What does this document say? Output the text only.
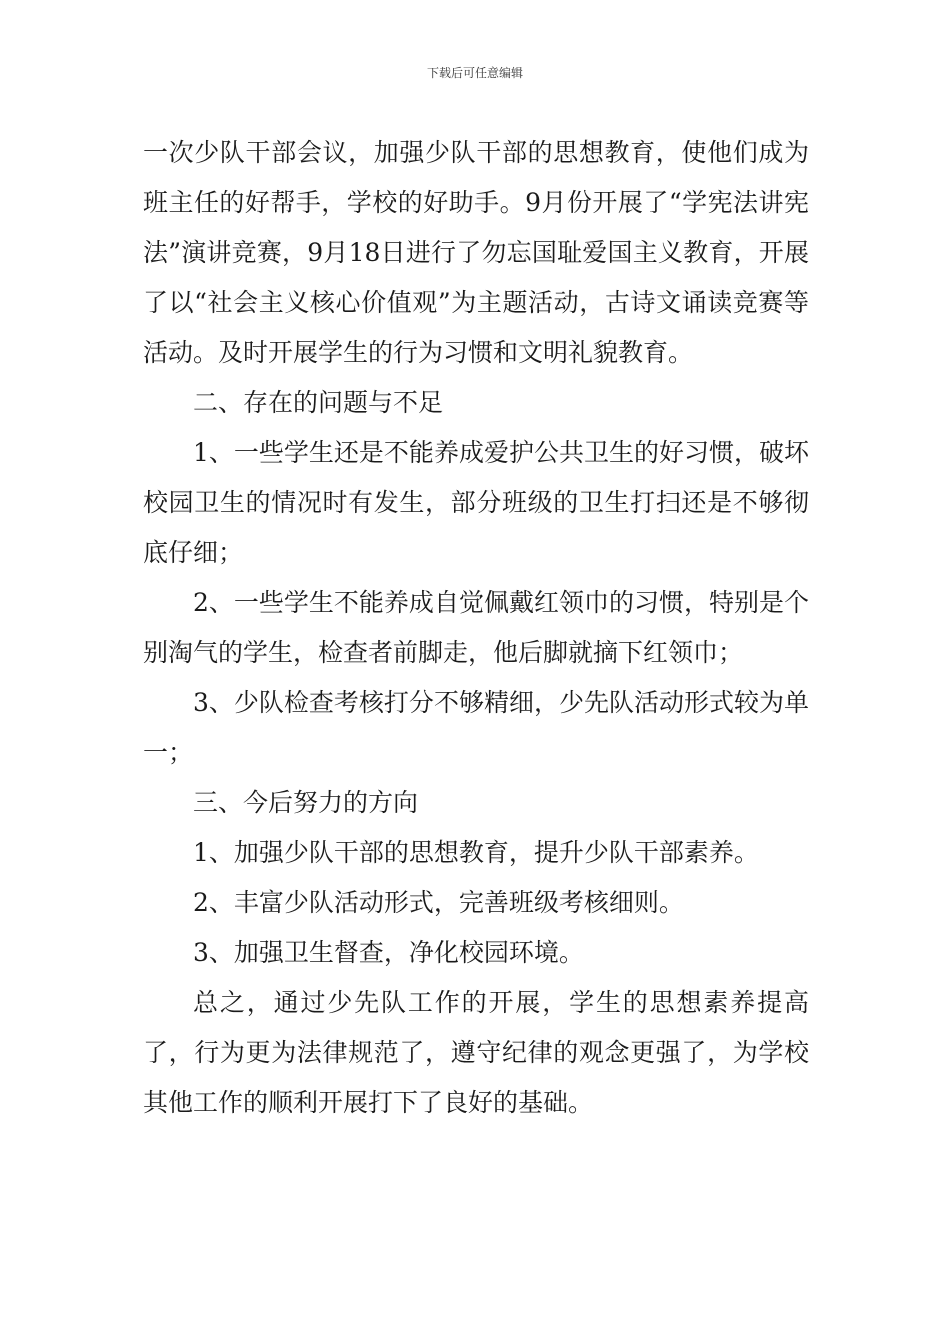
下载后可任意编辑

一次少队干部会议，加强少队干部的思想教育，使他们成为班主任的好帮手，学校的好助手。9月份开展了“学宪法讲宪法”演讲竞赛，9月18日进行了勿忘国耻爱国主义教育，开展了以“社会主义核心价值观”为主题活动，古诗文诵读竞赛等活动。及时开展学生的行为习惯和文明礼貌教育。

二、存在的问题与不足

1、一些学生还是不能养成爱护公共卫生的好习惯，破坏校园卫生的情况时有发生，部分班级的卫生打扫还是不够彻底仔细；

2、一些学生不能养成自觉佩戴红领巾的习惯，特别是个别淘气的学生，检查者前脚走，他后脚就摘下红领巾；

3、少队检查考核打分不够精细，少先队活动形式较为单一；

三、今后努力的方向

1、加强少队干部的思想教育，提升少队干部素养。

2、丰富少队活动形式，完善班级考核细则。

3、加强卫生督查，净化校园环境。

总之，通过少先队工作的开展，学生的思想素养提高了，行为更为法律规范了，遵守纪律的观念更强了，为学校其他工作的顺利开展打下了良好的基础。
